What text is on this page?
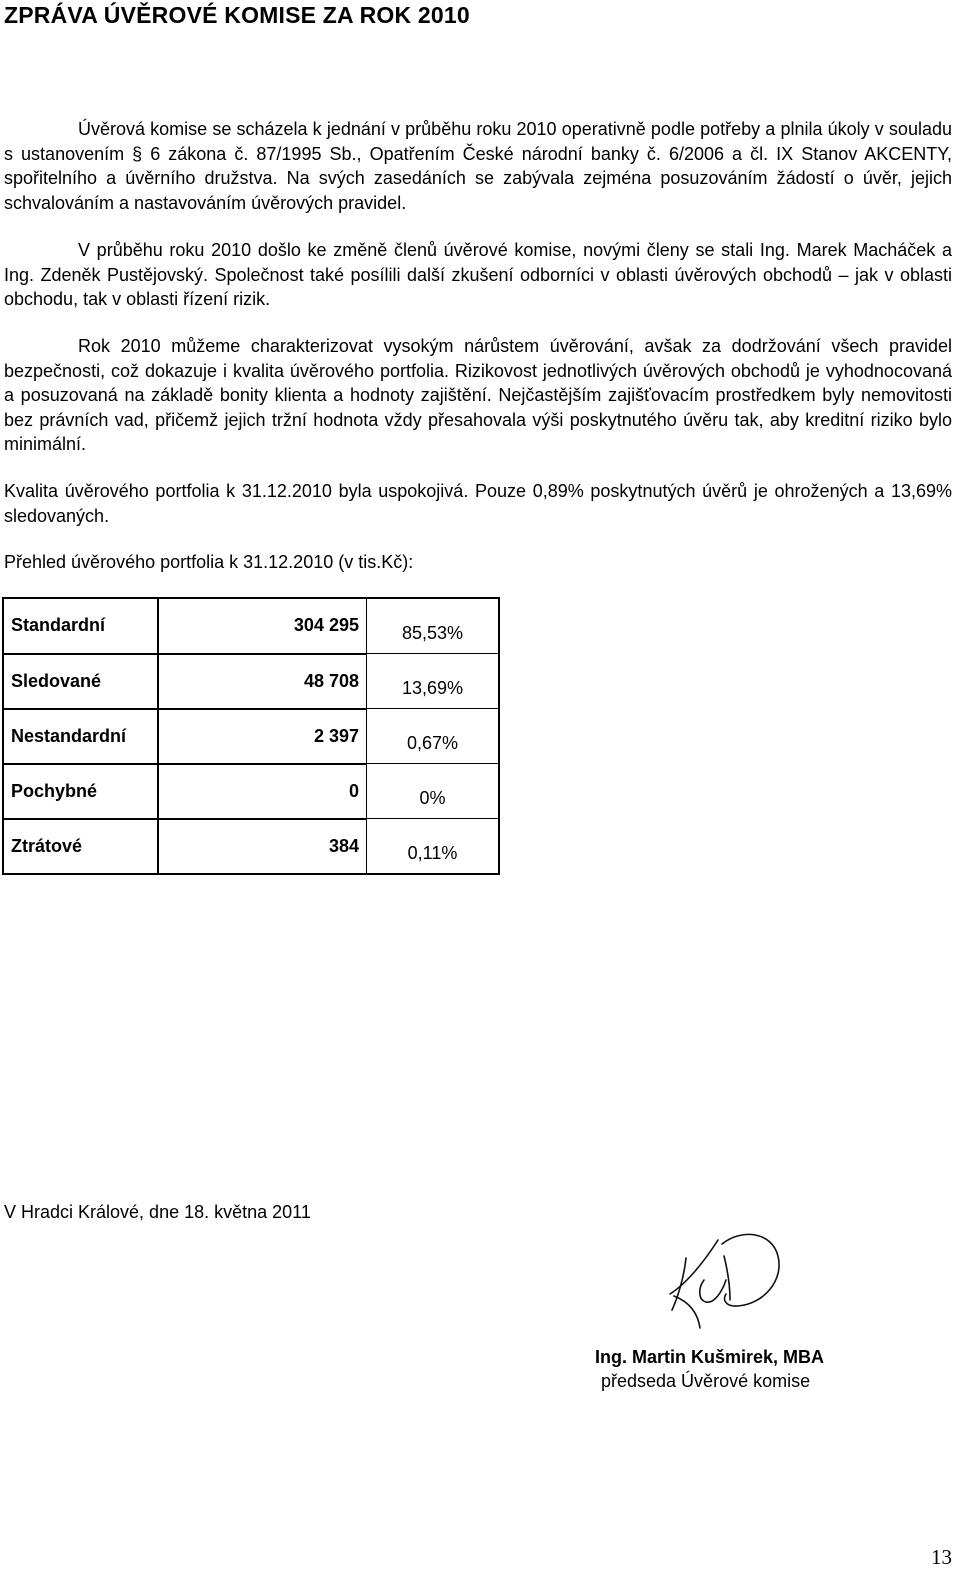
ZPRÁVA ÚVĚROVÉ KOMISE ZA ROK 2010

Úvěrová komise se scházela k jednání v průběhu roku 2010 operativně podle potřeby a plnila úkoly v souladu s ustanovením § 6 zákona č. 87/1995 Sb., Opatřením České národní banky č. 6/2006 a čl. IX Stanov AKCENTY, spořitelního a úvěrního družstva. Na svých zasedáních se zabývala zejména posuzováním žádostí o úvěr, jejich schvalováním a nastavováním úvěrových pravidel.

V průběhu roku 2010 došlo ke změně členů úvěrové komise, novými členy se stali Ing. Marek Macháček a Ing. Zdeněk Pustějovský. Společnost také posílili další zkušení odborníci v oblasti úvěrových obchodů – jak v oblasti obchodu, tak v oblasti řízení rizik.

Rok 2010 můžeme charakterizovat vysokým nárůstem úvěrování, avšak za dodržování všech pravidel bezpečnosti, což dokazuje i kvalita úvěrového portfolia. Rizikovost jednotlivých úvěrových obchodů je vyhodnocovaná a posuzovaná na základě bonity klienta a hodnoty zajištění. Nejčastějším zajišťovacím prostředkem byly nemovitosti bez právních vad, přičemž jejich tržní hodnota vždy přesahovala výši poskytnutého úvěru tak, aby kreditní riziko bylo minimální.

Kvalita úvěrového portfolia k 31.12.2010 byla uspokojivá. Pouze 0,89% poskytnutých úvěrů je ohrožených a 13,69% sledovaných.

Přehled úvěrového portfolia k 31.12.2010 (v tis.Kč):

Standardní	304 295	85,53%
Sledované	48 708	13,69%
Nestandardní	2 397	0,67%
Pochybné	0	0%
Ztrátové	384	0,11%
V Hradci Králové, dne 18. května 2011
Ing. Martin Kušmirek, MBA
předseda Úvěrové komise
13
